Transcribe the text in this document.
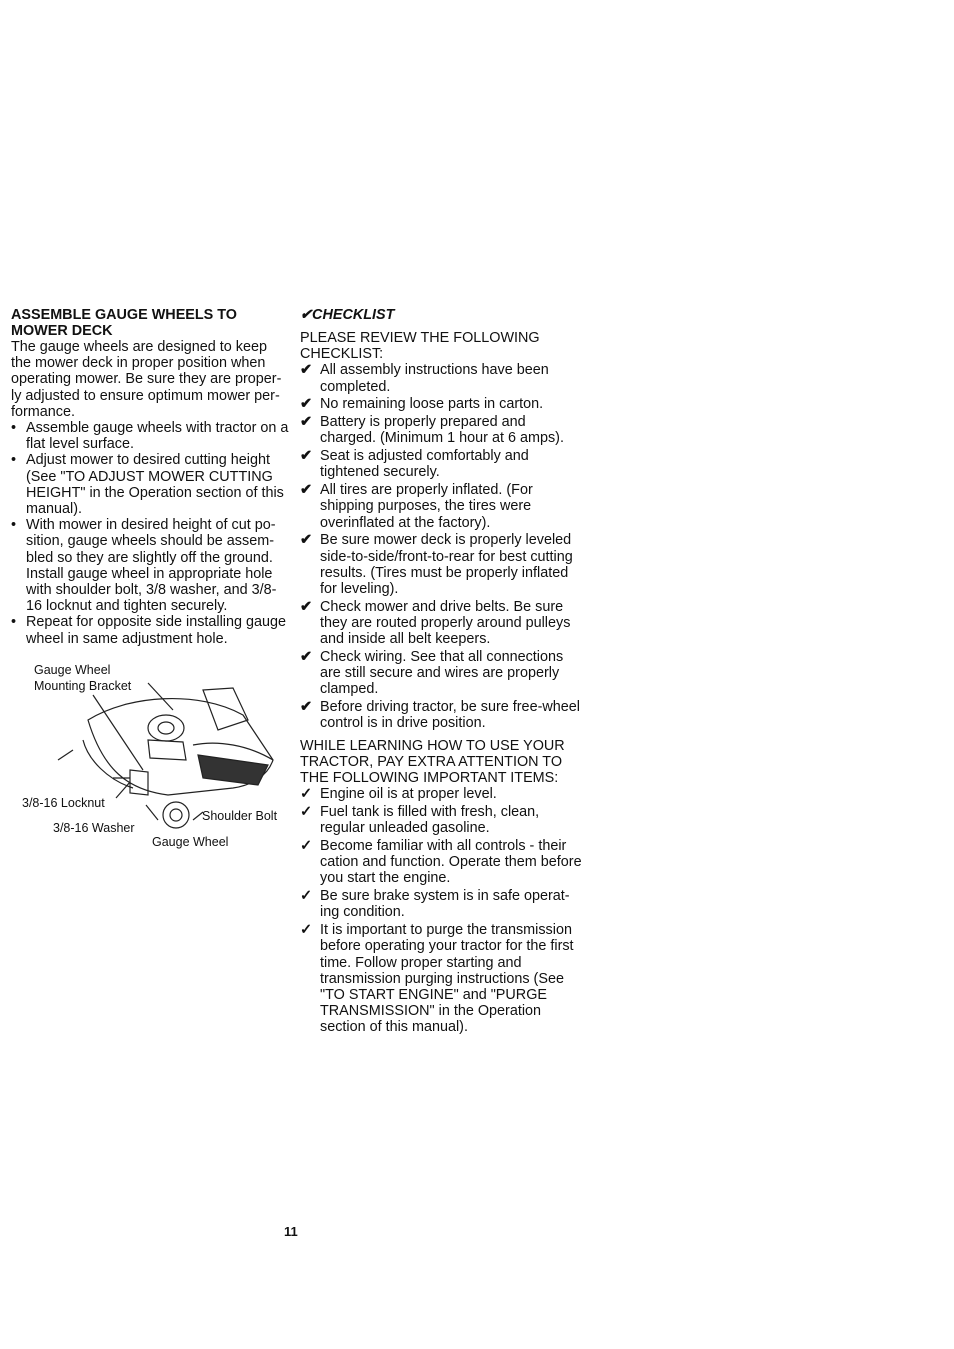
ASSEMBLE GAUGE WHEELS TO
MOWER DECK

The gauge wheels are designed to keep the mower deck in proper position when operating mower. Be sure they are proper-ly adjusted to ensure optimum mower per-formance.

• Assemble gauge wheels with tractor on a flat level surface.
• Adjust mower to desired cutting height (See "TO ADJUST MOWER CUTTING HEIGHT" in the Operation section of this manual).
• With mower in desired height of cut po-sition, gauge wheels should be assem-bled so they are slightly off the ground. Install gauge wheel in appropriate hole with shoulder bolt, 3/8 washer, and 3/8-16 locknut and tighten securely.
• Repeat for opposite side installing gauge wheel in same adjustment hole.
Gauge Wheel
Mounting Bracket
3/8-16 Locknut
3/8-16 Washer
Shoulder Bolt
Gauge Wheel

✔CHECKLIST

PLEASE REVIEW THE FOLLOWING CHECKLIST:

✔ All assembly instructions have been completed.
✔ No remaining loose parts in carton.
✔ Battery is properly prepared and charged. (Minimum 1 hour at 6 amps).
✔ Seat is adjusted comfortably and tightened securely.
✔ All tires are properly inflated. (For shipping purposes, the tires were overinflated at the factory).
✔ Be sure mower deck is properly leveled side-to-side/front-to-rear for best cutting results. (Tires must be properly inflated for leveling).
✔ Check mower and drive belts. Be sure they are routed properly around pulleys and inside all belt keepers.
✔ Check wiring. See that all connections are still secure and wires are properly clamped.
✔ Before driving tractor, be sure free-wheel control is in drive position.

WHILE LEARNING HOW TO USE YOUR TRACTOR, PAY EXTRA ATTENTION TO THE FOLLOWING IMPORTANT ITEMS:

✓ Engine oil is at proper level.
✓ Fuel tank is filled with fresh, clean, regular unleaded gasoline.
✓ Become familiar with all controls - their cation and function. Operate them before you start the engine.
✓ Be sure brake system is in safe operat-ing condition.
✓ It is important to purge the transmission before operating your tractor for the first time. Follow proper starting and transmission purging instructions (See "TO START ENGINE" and "PURGE TRANSMISSION" in the Operation section of this manual).
11
